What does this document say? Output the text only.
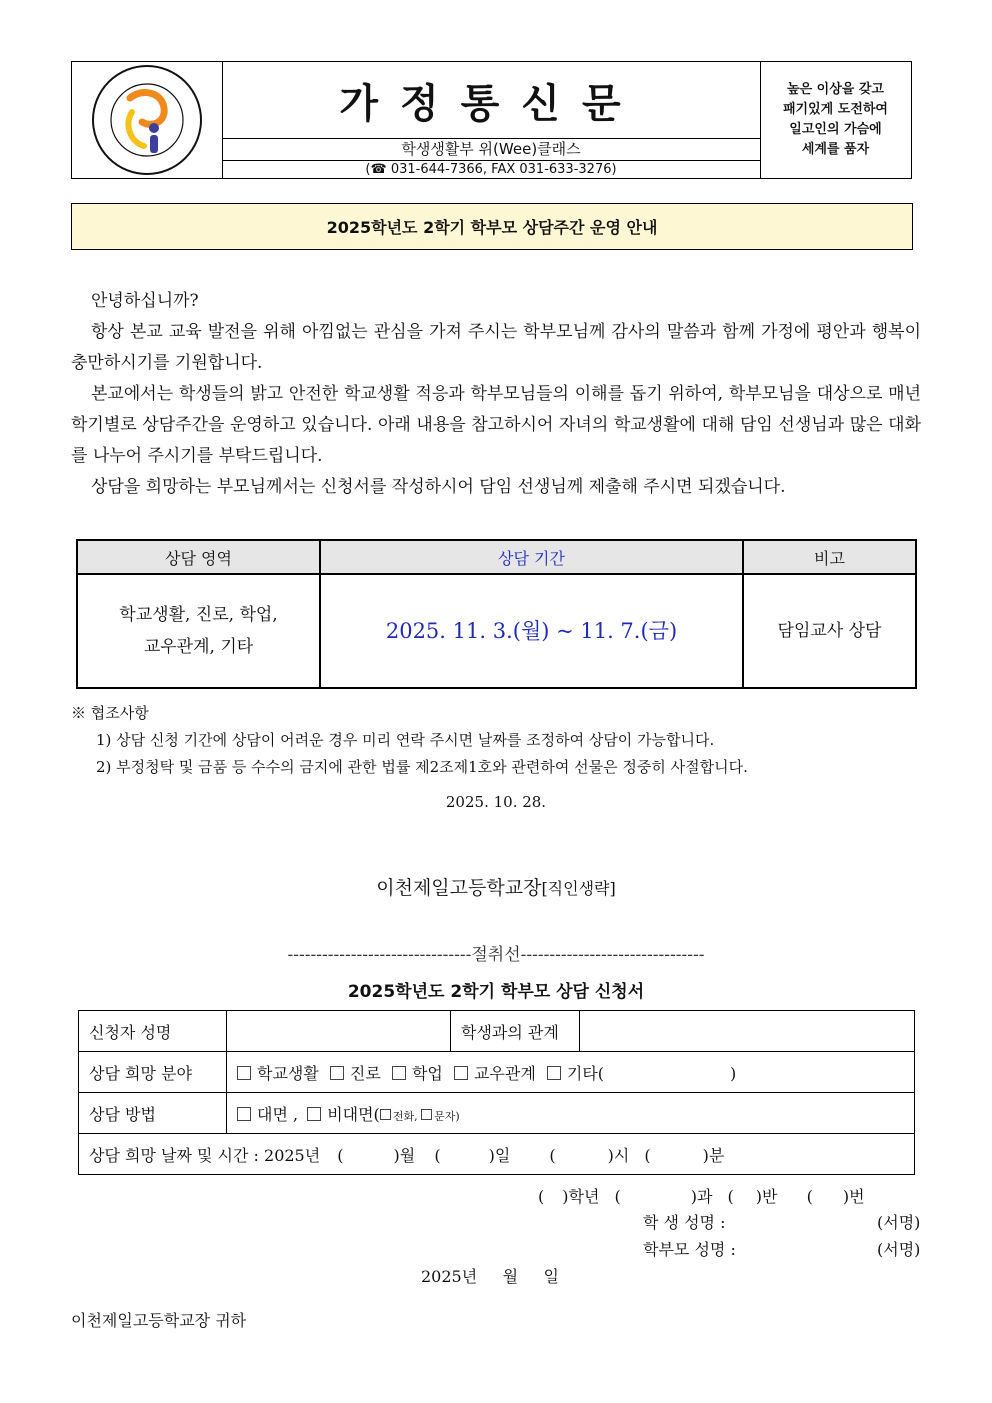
가정통신문
학생생활부 위(Wee)클래스
(☎ 031-644-7366, FAX 031-633-3276)
높은 이상을 갖고
패기있게 도전하여
일고인의 가슴에
세계를 품자
2025학년도 2학기 학부모 상담주간 운영 안내

안녕하십니까?

항상 본교 교육 발전을 위해 아낌없는 관심을 가져 주시는 학부모님께 감사의 말씀과 함께 가정에 평안과 행복이 충만하시기를 기원합니다.

본교에서는 학생들의 밝고 안전한 학교생활 적응과 학부모님들의 이해를 돕기 위하여, 학부모님을 대상으로 매년 학기별로 상담주간을 운영하고 있습니다. 아래 내용을 참고하시어 자녀의 학교생활에 대해 담임 선생님과 많은 대화를 나누어 주시기를 부탁드립니다.

상담을 희망하는 부모님께서는 신청서를 작성하시어 담임 선생님께 제출해 주시면 되겠습니다.

상담 영역	상담 기간	비고

학교생활, 진로, 학업,
교우관계, 기타	2025. 11. 3.(월) ~ 11. 7.(금)	담임교사 상담
※ 협조사항
1) 상담 신청 기간에 상담이 어려운 경우 미리 연락 주시면 날짜를 조정하여 상담이 가능합니다.
2) 부정청탁 및 금품 등 수수의 금지에 관한 법률 제2조제1호와 관련하여 선물은 정중히 사절합니다.
2025. 10. 28.
이천제일고등학교장[직인생략]
--------------------------------절취선--------------------------------
2025학년도 2학기 학부모 상담 신청서
신청자 성명		학생과의 관계	
상담 희망 분야	학교생활 진로 학업 교우관계 기타( )		
상담 방법	대면 , 비대면( 전화, 문자)		
상담 희망 날짜 및 시간 : 2025년 ( )월 ( )일 ( )시 ( )분			
( )학년 (	)과 ( )반 ( )번
학 생 성명 :	(서명)
학부모 성명 :	(서명)
2025년     월     일
이천제일고등학교장 귀하
